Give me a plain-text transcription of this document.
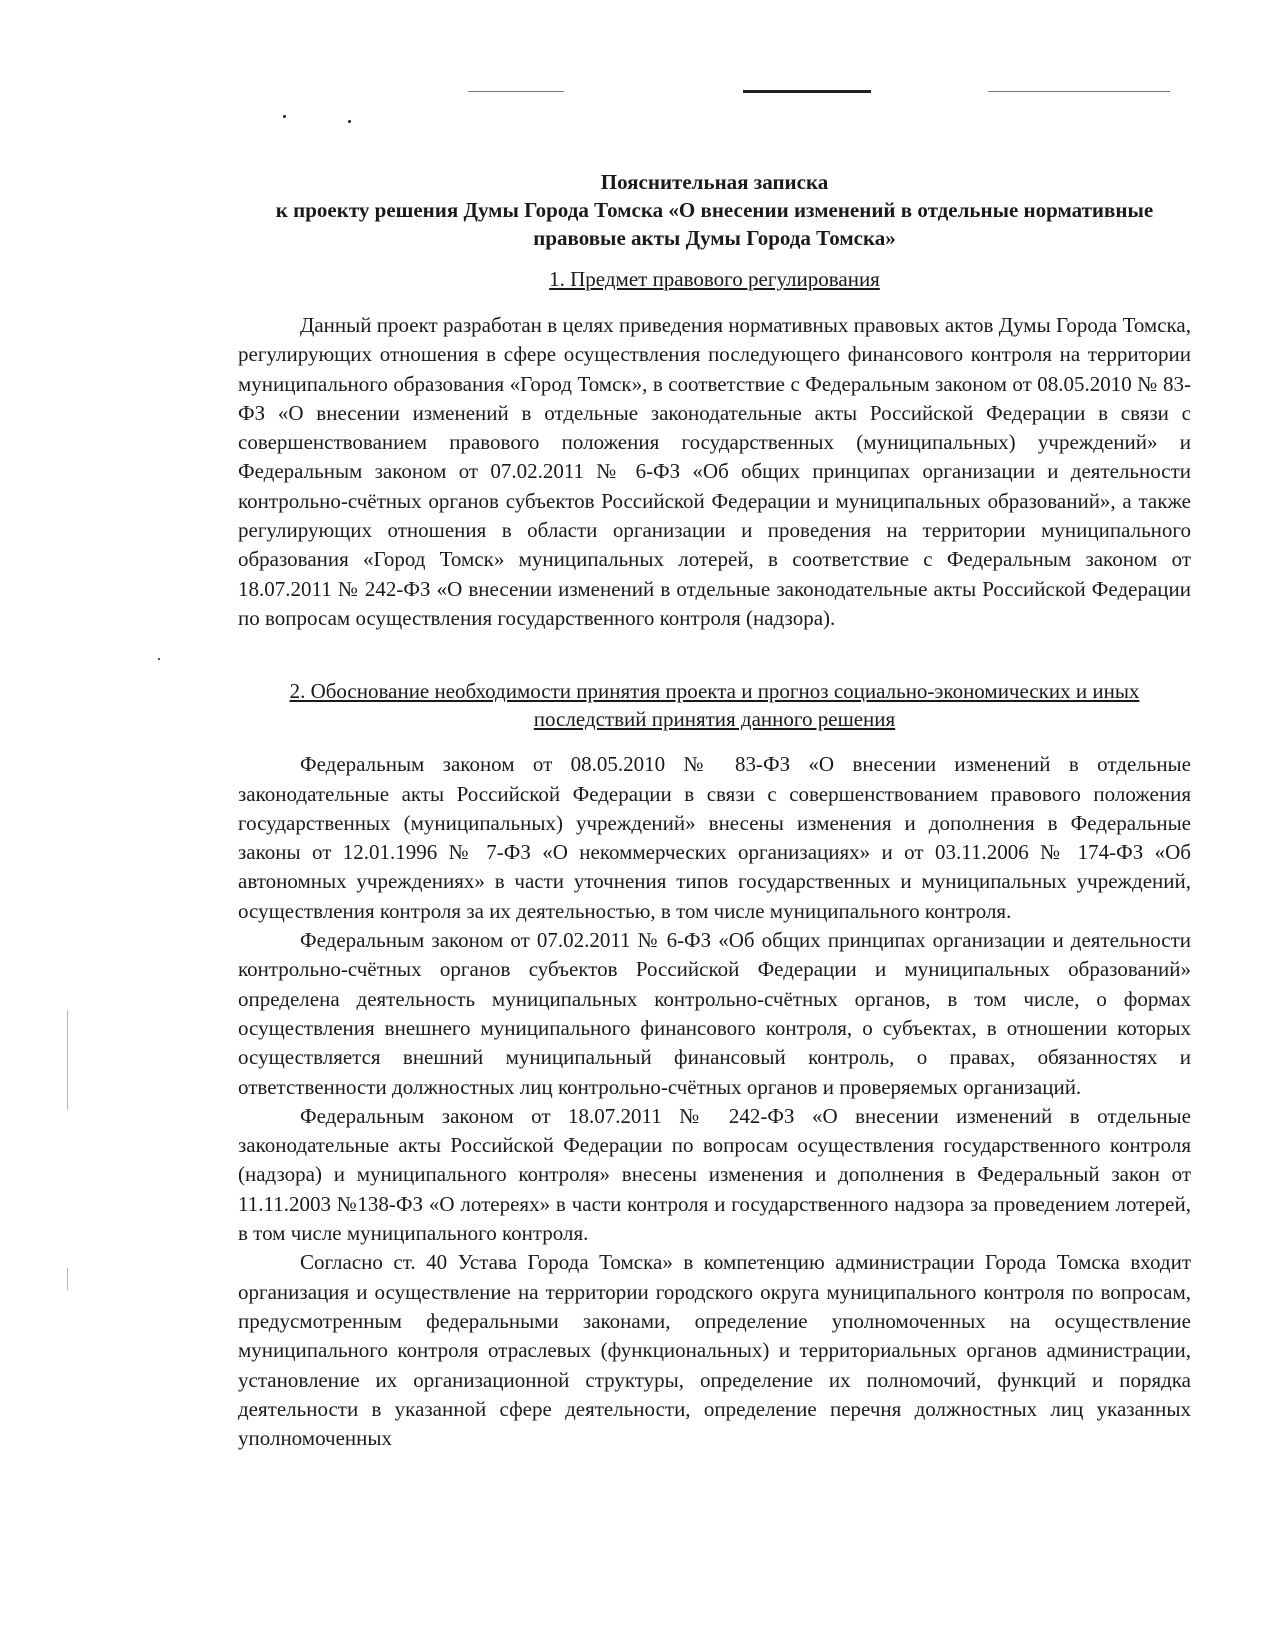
Пояснительная записка
к проекту решения Думы Города Томска «О внесении изменений в отдельные нормативные правовые акты Думы Города Томска»
1. Предмет правового регулирования

Данный проект разработан в целях приведения нормативных правовых актов Думы Города Томска, регулирующих отношения в сфере осуществления последующего финансового контроля на территории муниципального образования «Город Томск», в соответствие с Федеральным законом от 08.05.2010 № 83-ФЗ «О внесении изменений в отдельные законодательные акты Российской Федерации в связи с совершенствованием правового положения государственных (муниципальных) учреждений» и Федеральным законом от 07.02.2011 № 6-ФЗ «Об общих принципах организации и деятельности контрольно-счётных органов субъектов Российской Федерации и муниципальных образований», а также регулирующих отношения в области организации и проведения на территории муниципального образования «Город Томск» муниципальных лотерей, в соответствие с Федеральным законом от 18.07.2011 № 242-ФЗ «О внесении изменений в отдельные законодательные акты Российской Федерации по вопросам осуществления государственного контроля (надзора).

2. Обоснование необходимости принятия проекта и прогноз социально-экономических и иных последствий принятия данного решения

Федеральным законом от 08.05.2010 № 83-ФЗ «О внесении изменений в отдельные законодательные акты Российской Федерации в связи с совершенствованием правового положения государственных (муниципальных) учреждений» внесены изменения и дополнения в Федеральные законы от 12.01.1996 № 7-ФЗ «О некоммерческих организациях» и от 03.11.2006 № 174-ФЗ «Об автономных учреждениях» в части уточнения типов государственных и муниципальных учреждений, осуществления контроля за их деятельностью, в том числе муниципального контроля.

Федеральным законом от 07.02.2011 № 6-ФЗ «Об общих принципах организации и деятельности контрольно-счётных органов субъектов Российской Федерации и муниципальных образований» определена деятельность муниципальных контрольно-счётных органов, в том числе, о формах осуществления внешнего муниципального финансового контроля, о субъектах, в отношении которых осуществляется внешний муниципальный финансовый контроль, о правах, обязанностях и ответственности должностных лиц контрольно-счётных органов и проверяемых организаций.

Федеральным законом от 18.07.2011 № 242-ФЗ «О внесении изменений в отдельные законодательные акты Российской Федерации по вопросам осуществления государственного контроля (надзора) и муниципального контроля» внесены изменения и дополнения в Федеральный закон от 11.11.2003 №138-ФЗ «О лотереях» в части контроля и государственного надзора за проведением лотерей, в том числе муниципального контроля.

Согласно ст. 40 Устава Города Томска» в компетенцию администрации Города Томска входит организация и осуществление на территории городского округа муниципального контроля по вопросам, предусмотренным федеральными законами, определение уполномоченных на осуществление муниципального контроля отраслевых (функциональных) и территориальных органов администрации, установление их организационной структуры, определение их полномочий, функций и порядка деятельности в указанной сфере деятельности, определение перечня должностных лиц указанных уполномоченных
